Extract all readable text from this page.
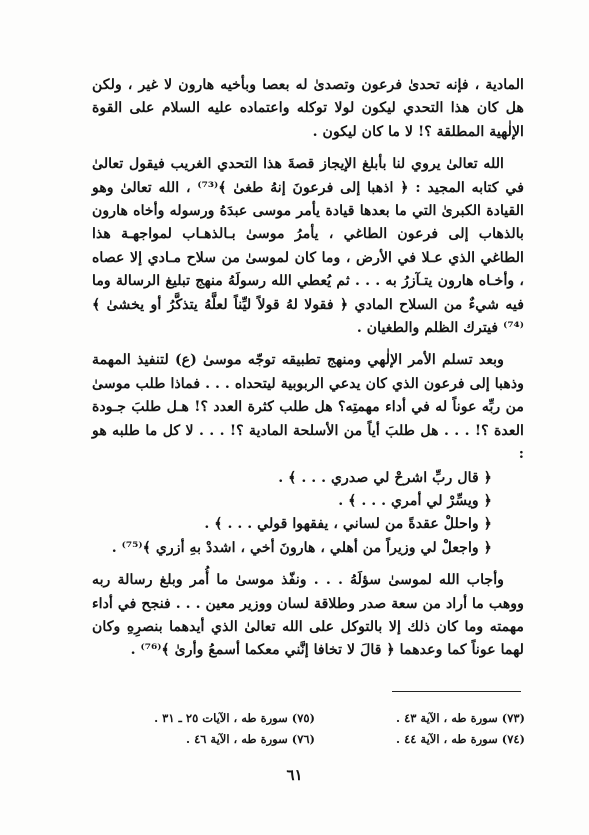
المادية ، فإنه تحدىٰ فرعون وتصدىٰ له بعصا وبأخيه هارون لا غير ، ولكن هل كان هذا التحدي ليكون لولا توكله واعتماده عليه السلام على القوة الإلٰهية المطلقة ؟! لا ما كان ليكون .

الله تعالىٰ يروي لنا بأبلغ الإيجاز قصةَ هذا التحدي الغريب فيقول تعالىٰ في كتابه المجيد : ﴿ اذهبا إلى فرعونَ إنهُ طغىٰ ﴾⁽⁷³⁾ ، الله تعالىٰ وهو القيادة الكبرىٰ التي ما بعدها قيادة يأمر موسى عبدَهُ ورسوله وأخاه هارون بالذهاب إلى فرعون الطاغي ، يأمرُ موسىٰ بـالذهـاب لمواجهـة هذا الطاغي الذي عـلا في الأرض ، وما كان لموسىٰ من سلاح مـادي إلا عصاه ، وأخـاه هارون يتـآزرُ به . . . ثم يُعطي الله رسولَهُ منهج تبليغ الرسالة وما فيه شيءٌ من السلاح المادي ﴿ فقولا لهُ قولاً ليِّناً لعلَّهُ يتذكَّرُ أو يخشىٰ ﴾⁽⁷⁴⁾ فيترك الظلم والطغيان .

وبعد تسلم الأمر الإلٰهي ومنهج تطبيقه توجّه موسىٰ (ع) لتنفيذ المهمة وذهبا إلى فرعون الذي كان يدعي الربوبية ليتحداه . . . فماذا طلب موسىٰ من ربِّه عوناً له في أداء مهمتِه؟ هل طلب كثرة العدد ؟! هـل طلبَ جـودة العدة ؟! . . . هل طلبَ أياً من الأسلحة المادية ؟! . . . لا كل ما طلبه هو :

﴿ قال ربِّ اشرحْ لي صدري . . . ﴾ .

﴿ ويسِّرْ لي أمري . . . ﴾ .

﴿ واحللْ عقدةً من لساني ، يفقهوا قولي . . . ﴾ .

﴿ واجعلْ لي وزيراً من أهلي ، هارونَ أخي ، اشددْ بهِ أزري ﴾⁽⁷⁵⁾ .

وأجاب الله لموسىٰ سؤلَهُ . . . ونفّذ موسىٰ ما أُمر وبلغ رسالة ربه ووهب ما أراد من سعة صدر وطلاقة لسان ووزير معين . . . فنجح في أداء مهمته وما كان ذلك إلا بالتوكل على الله تعالىٰ الذي أيدهما بنصرِهِ وكان لهما عوناً كما وعدهما ﴿ قالَ لا تخافا إنَّني معكما أسمعُ وأرىٰ ﴾⁽⁷⁶⁾ .

(٧٣) سورة طه ، الآية ٤٣ .
(٧٥) سورة طه ، الآيات ٢٥ ـ ٣١ .
(٧٤) سورة طه ، الآية ٤٤ .
(٧٦) سورة طه ، الآية ٤٦ .
٦١
